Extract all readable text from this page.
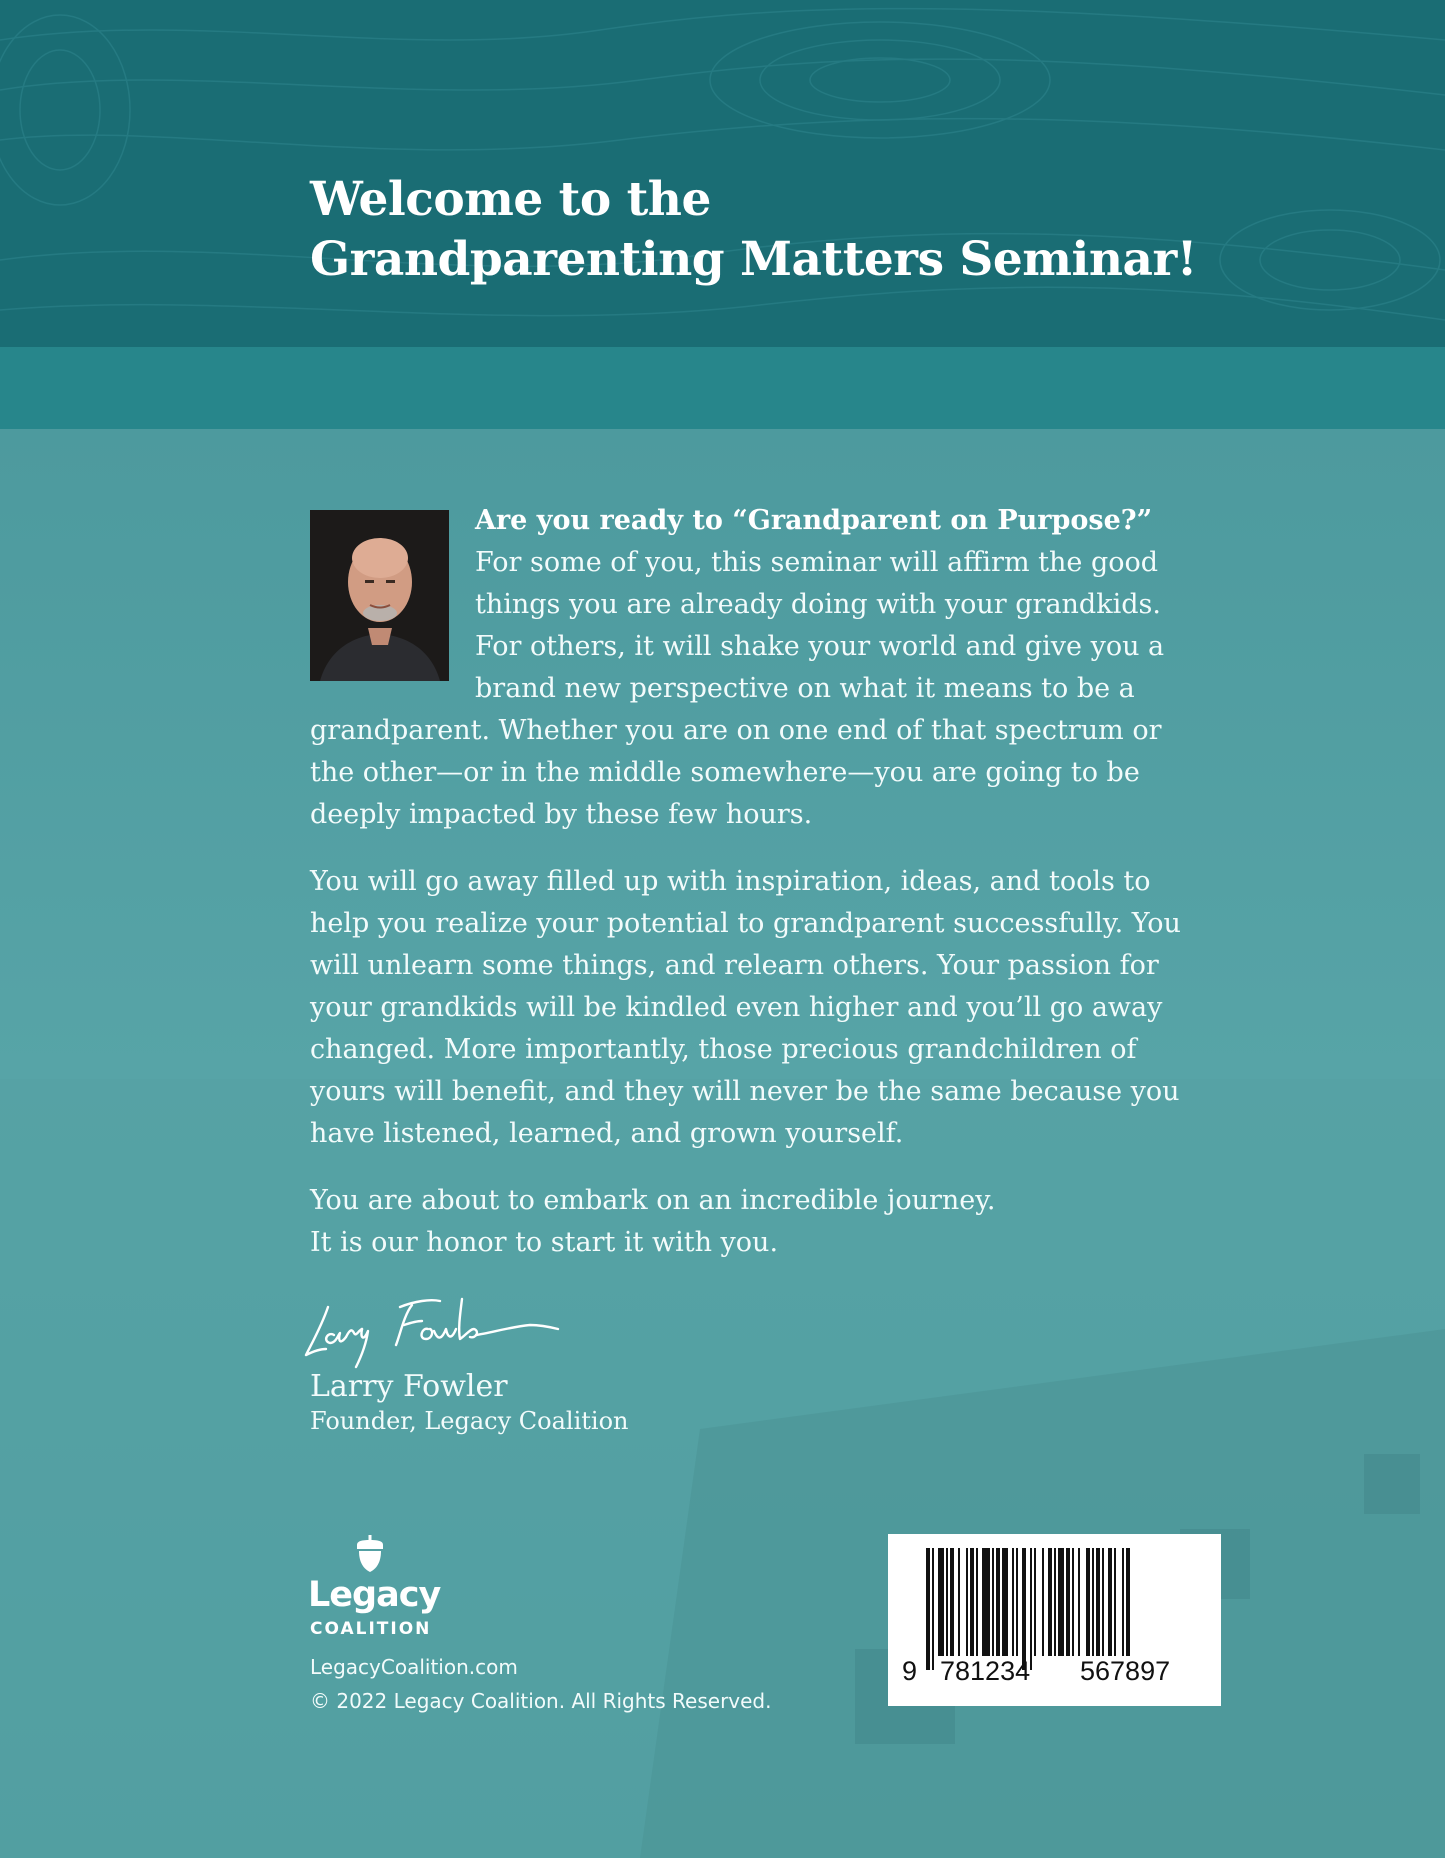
Welcome to the
Grandparenting Matters Seminar!

Are you ready to “Grandparent on Purpose?”
For some of you, this seminar will affirm the good things you are already doing with your grandkids. For others, it will shake your world and give you a brand new perspective on what it means to be a grandparent. Whether you are on one end of that spectrum or the other—or in the middle somewhere—you are going to be deeply impacted by these few hours.

You will go away filled up with inspiration, ideas, and tools to help you realize your potential to grandparent successfully. You will unlearn some things, and relearn others. Your passion for your grandkids will be kindled even higher and you’ll go away changed. More importantly, those precious grandchildren of yours will benefit, and they will never be the same because you have listened, learned, and grown yourself.

You are about to embark on an incredible journey.
It is our honor to start it with you.

Larry Fowler
Founder, Legacy Coalition
Legacy
COALITION
LegacyCoalition.com
© 2022 Legacy Coalition. All Rights Reserved.
9 781234 567897
